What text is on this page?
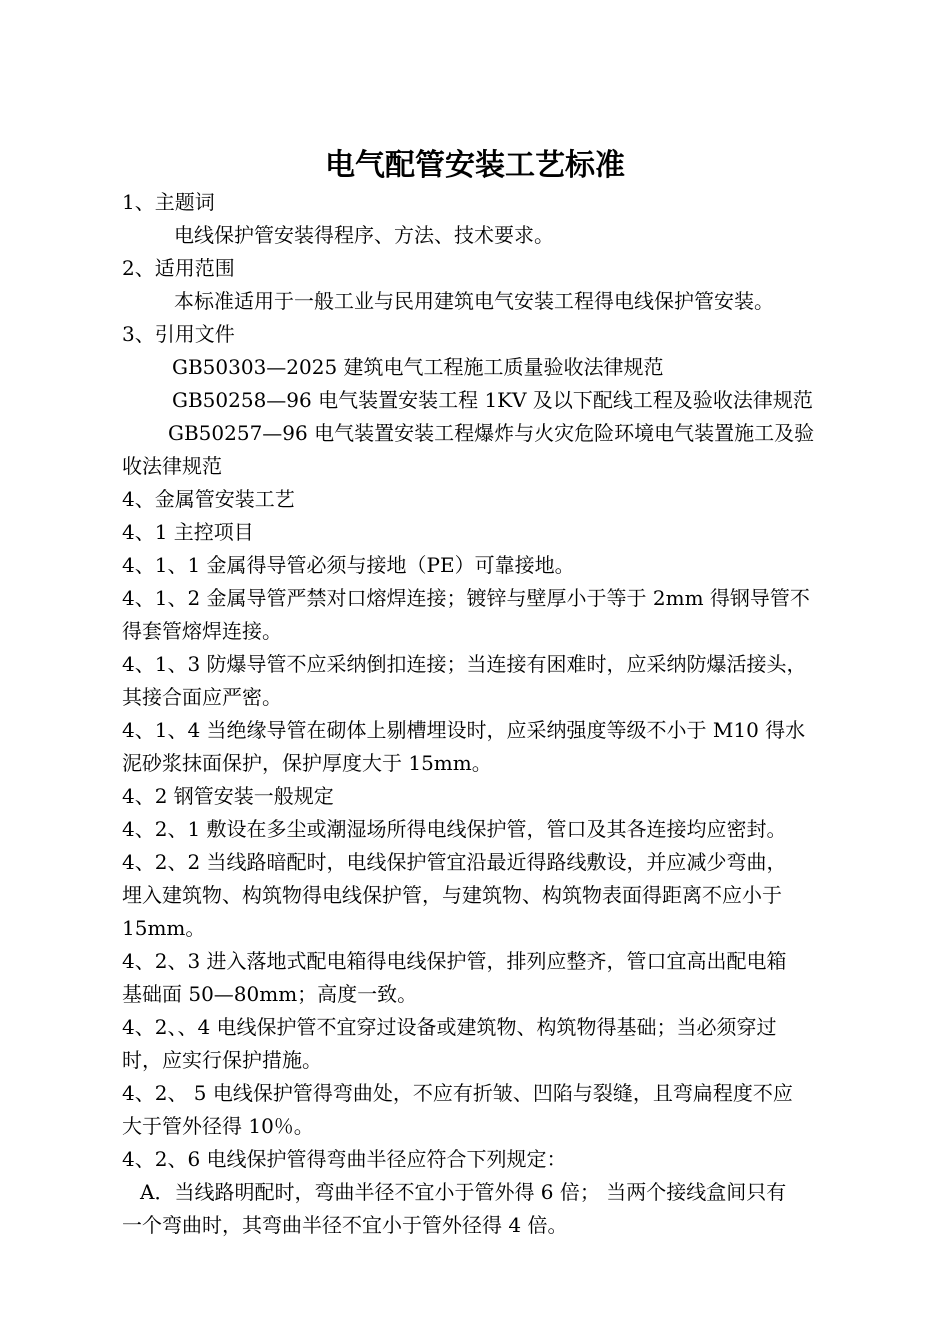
电气配管安装工艺标准
1、主题词
电线保护管安装得程序、方法、技术要求。
2、适用范围
本标准适用于一般工业与民用建筑电气安装工程得电线保护管安装。
3、引用文件
GB50303—2025 建筑电气工程施工质量验收法律规范
GB50258—96 电气装置安装工程 1KV 及以下配线工程及验收法律规范
GB50257—96 电气装置安装工程爆炸与火灾危险环境电气装置施工及验
收法律规范
4、金属管安装工艺
4、1 主控项目
4、1、1 金属得导管必须与接地（PE）可靠接地。
4、1、2 金属导管严禁对口熔焊连接；镀锌与壁厚小于等于 2mm 得钢导管不
得套管熔焊连接。
4、1、3 防爆导管不应采纳倒扣连接；当连接有困难时，应采纳防爆活接头，
其接合面应严密。
4、1、4 当绝缘导管在砌体上剔槽埋设时，应采纳强度等级不小于 M10 得水
泥砂浆抹面保护，保护厚度大于 15mm。
4、2 钢管安装一般规定
4、2、1 敷设在多尘或潮湿场所得电线保护管，管口及其各连接均应密封。
4、2、2 当线路暗配时，电线保护管宜沿最近得路线敷设，并应减少弯曲，
埋入建筑物、构筑物得电线保护管，与建筑物、构筑物表面得距离不应小于
15mm。
4、2、3 进入落地式配电箱得电线保护管，排列应整齐，管口宜高出配电箱
基础面 50—80mm；高度一致。
4、2、、4 电线保护管不宜穿过设备或建筑物、构筑物得基础；当必须穿过
时，应实行保护措施。
4、2、 5 电线保护管得弯曲处，不应有折皱、凹陷与裂缝，且弯扁程度不应
大于管外径得 10％。
4、2、6 电线保护管得弯曲半径应符合下列规定：
A．当线路明配时，弯曲半径不宜小于管外得 6 倍； 当两个接线盒间只有
一个弯曲时，其弯曲半径不宜小于管外径得 4 倍。
